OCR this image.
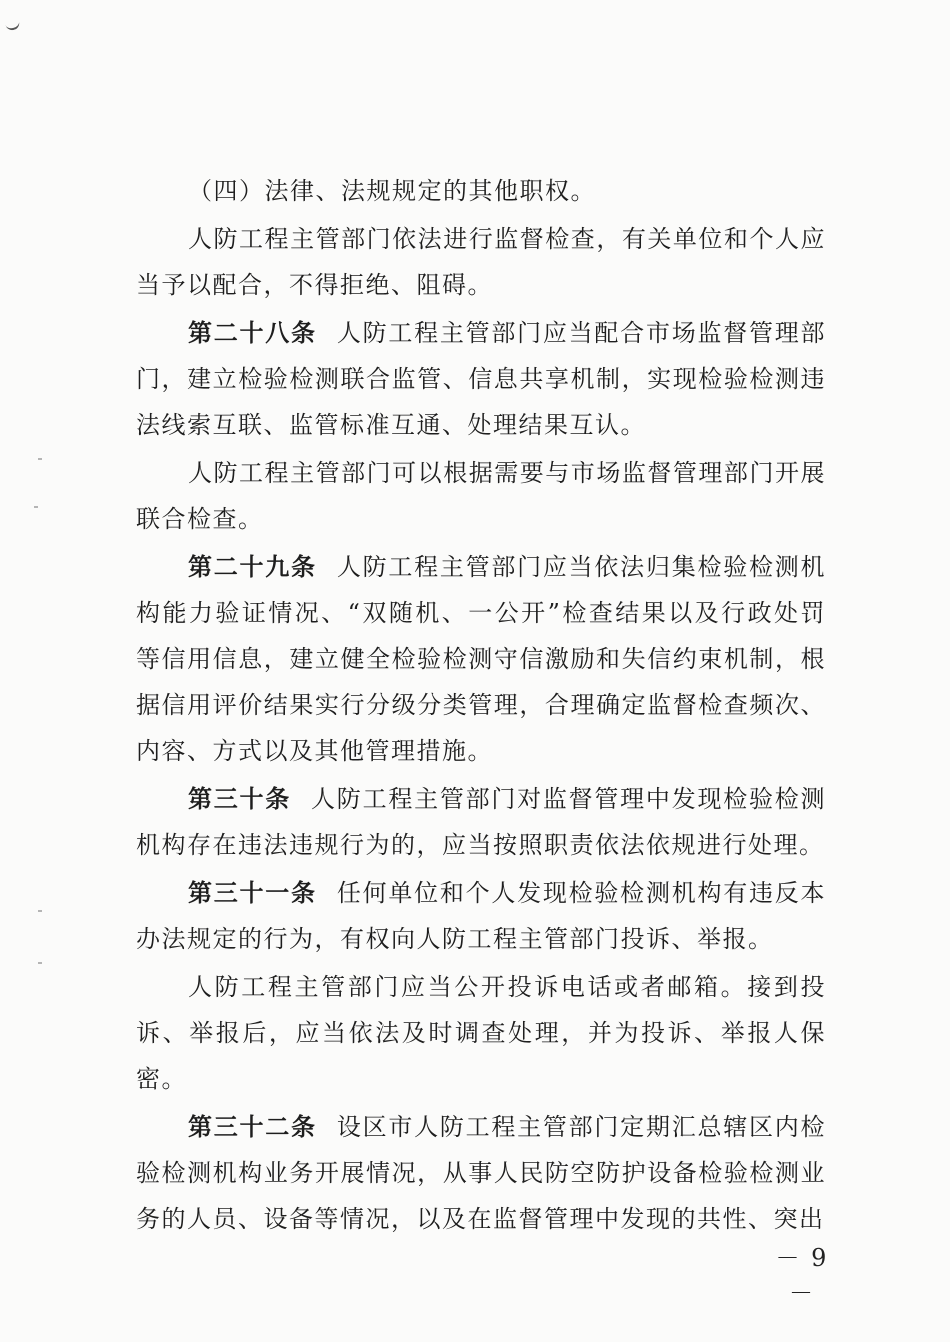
（四）法律、法规规定的其他职权。

人防工程主管部门依法进行监督检查，有关单位和个人应当予以配合，不得拒绝、阻碍。

第二十八条 人防工程主管部门应当配合市场监督管理部门，建立检验检测联合监管、信息共享机制，实现检验检测违法线索互联、监管标准互通、处理结果互认。

人防工程主管部门可以根据需要与市场监督管理部门开展联合检查。

第二十九条 人防工程主管部门应当依法归集检验检测机构能力验证情况、“双随机、一公开”检查结果以及行政处罚等信用信息，建立健全检验检测守信激励和失信约束机制，根据信用评价结果实行分级分类管理，合理确定监督检查频次、内容、方式以及其他管理措施。

第三十条 人防工程主管部门对监督管理中发现检验检测机构存在违法违规行为的，应当按照职责依法依规进行处理。

第三十一条 任何单位和个人发现检验检测机构有违反本办法规定的行为，有权向人防工程主管部门投诉、举报。

人防工程主管部门应当公开投诉电话或者邮箱。接到投诉、举报后，应当依法及时调查处理，并为投诉、举报人保密。

第三十二条 设区市人防工程主管部门定期汇总辖区内检验检测机构业务开展情况，从事人民防空防护设备检验检测业务的人员、设备等情况，以及在监督管理中发现的共性、突出

－ 9 －
